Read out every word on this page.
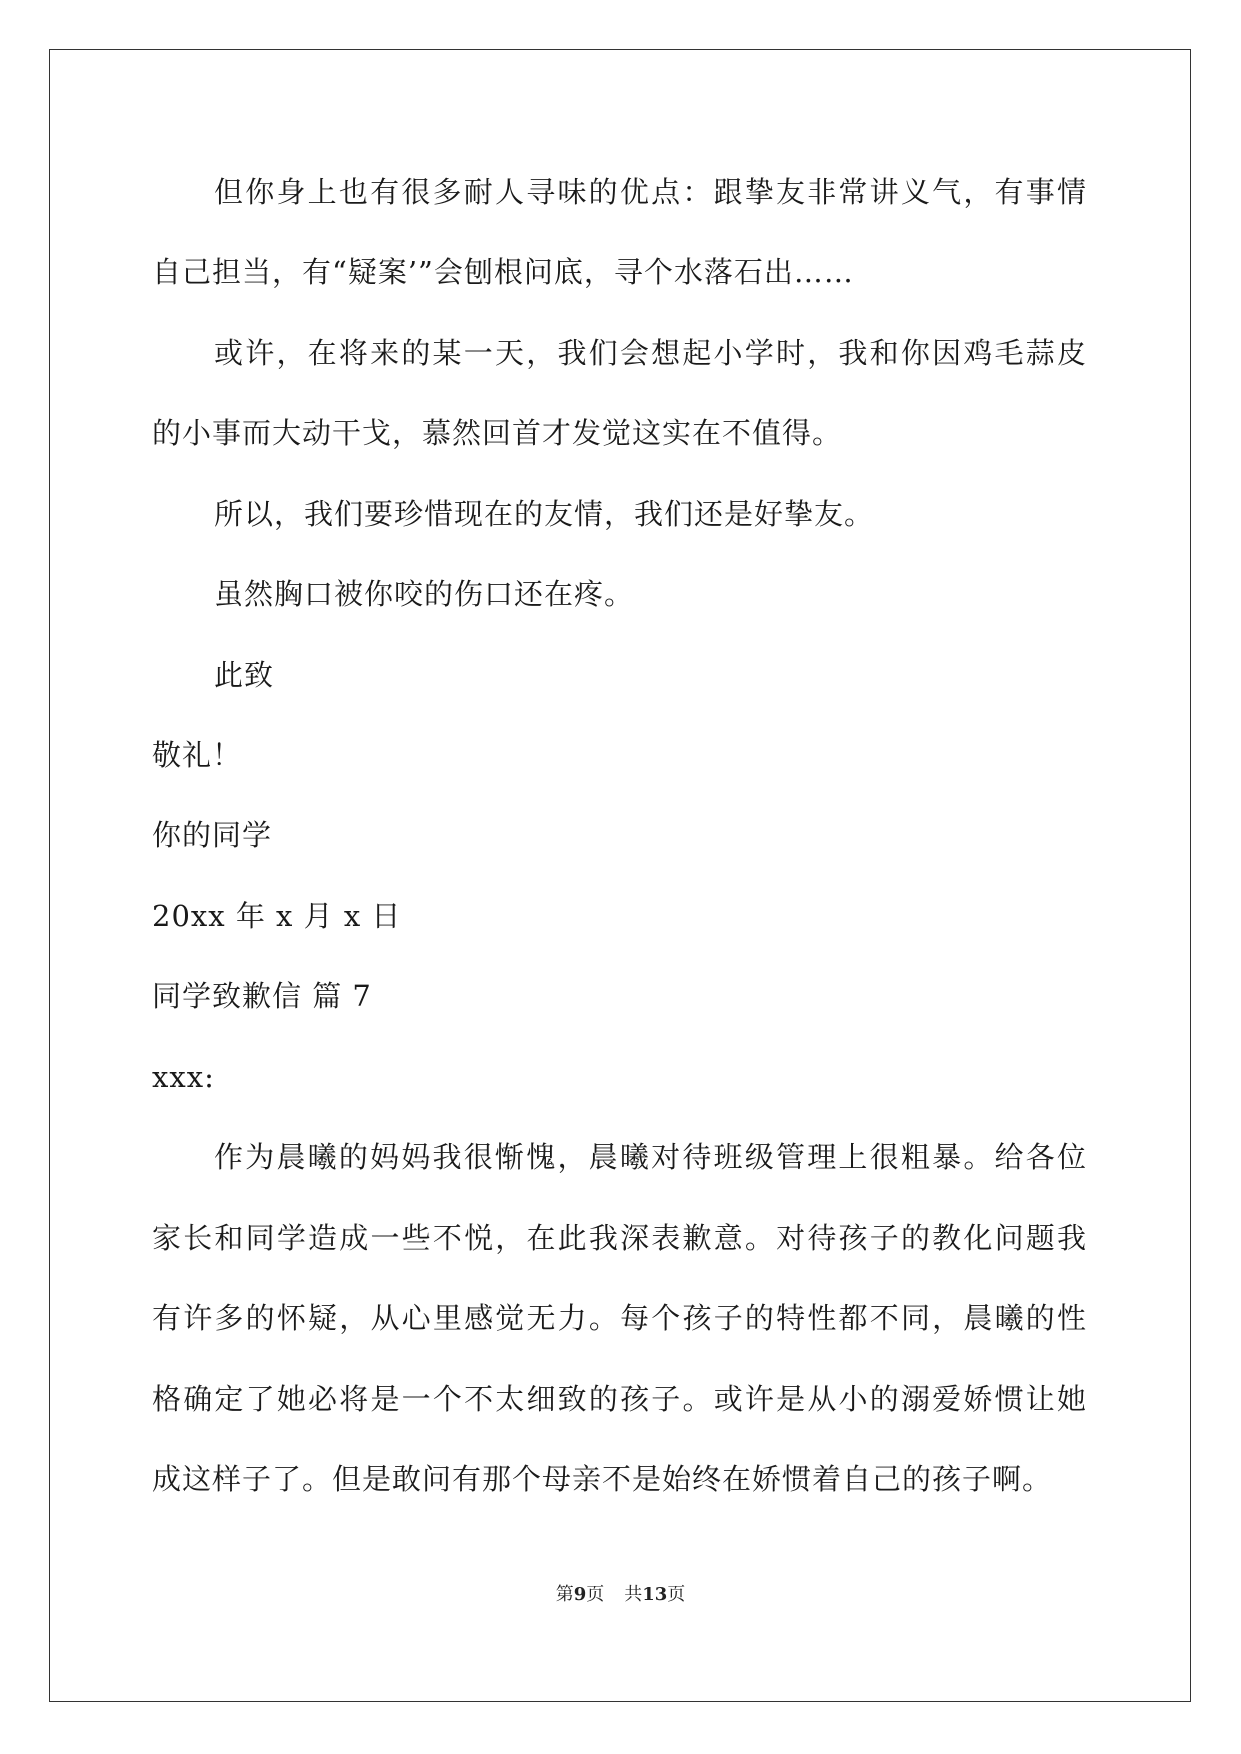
但你身上也有很多耐人寻味的优点：跟挚友非常讲义气，有事情
自己担当，有“疑案’”会刨根问底，寻个水落石出……
或许，在将来的某一天，我们会想起小学时，我和你因鸡毛蒜皮
的小事而大动干戈，慕然回首才发觉这实在不值得。
所以，我们要珍惜现在的友情，我们还是好挚友。
虽然胸口被你咬的伤口还在疼。
此致
敬礼！
你的同学
20xx 年 x 月 x 日
同学致歉信 篇 7
xxx:
作为晨曦的妈妈我很惭愧，晨曦对待班级管理上很粗暴。给各位
家长和同学造成一些不悦，在此我深表歉意。对待孩子的教化问题我
有许多的怀疑，从心里感觉无力。每个孩子的特性都不同，晨曦的性
格确定了她必将是一个不太细致的孩子。或许是从小的溺爱娇惯让她
成这样子了。但是敢问有那个母亲不是始终在娇惯着自己的孩子啊。
第9页 共13页
